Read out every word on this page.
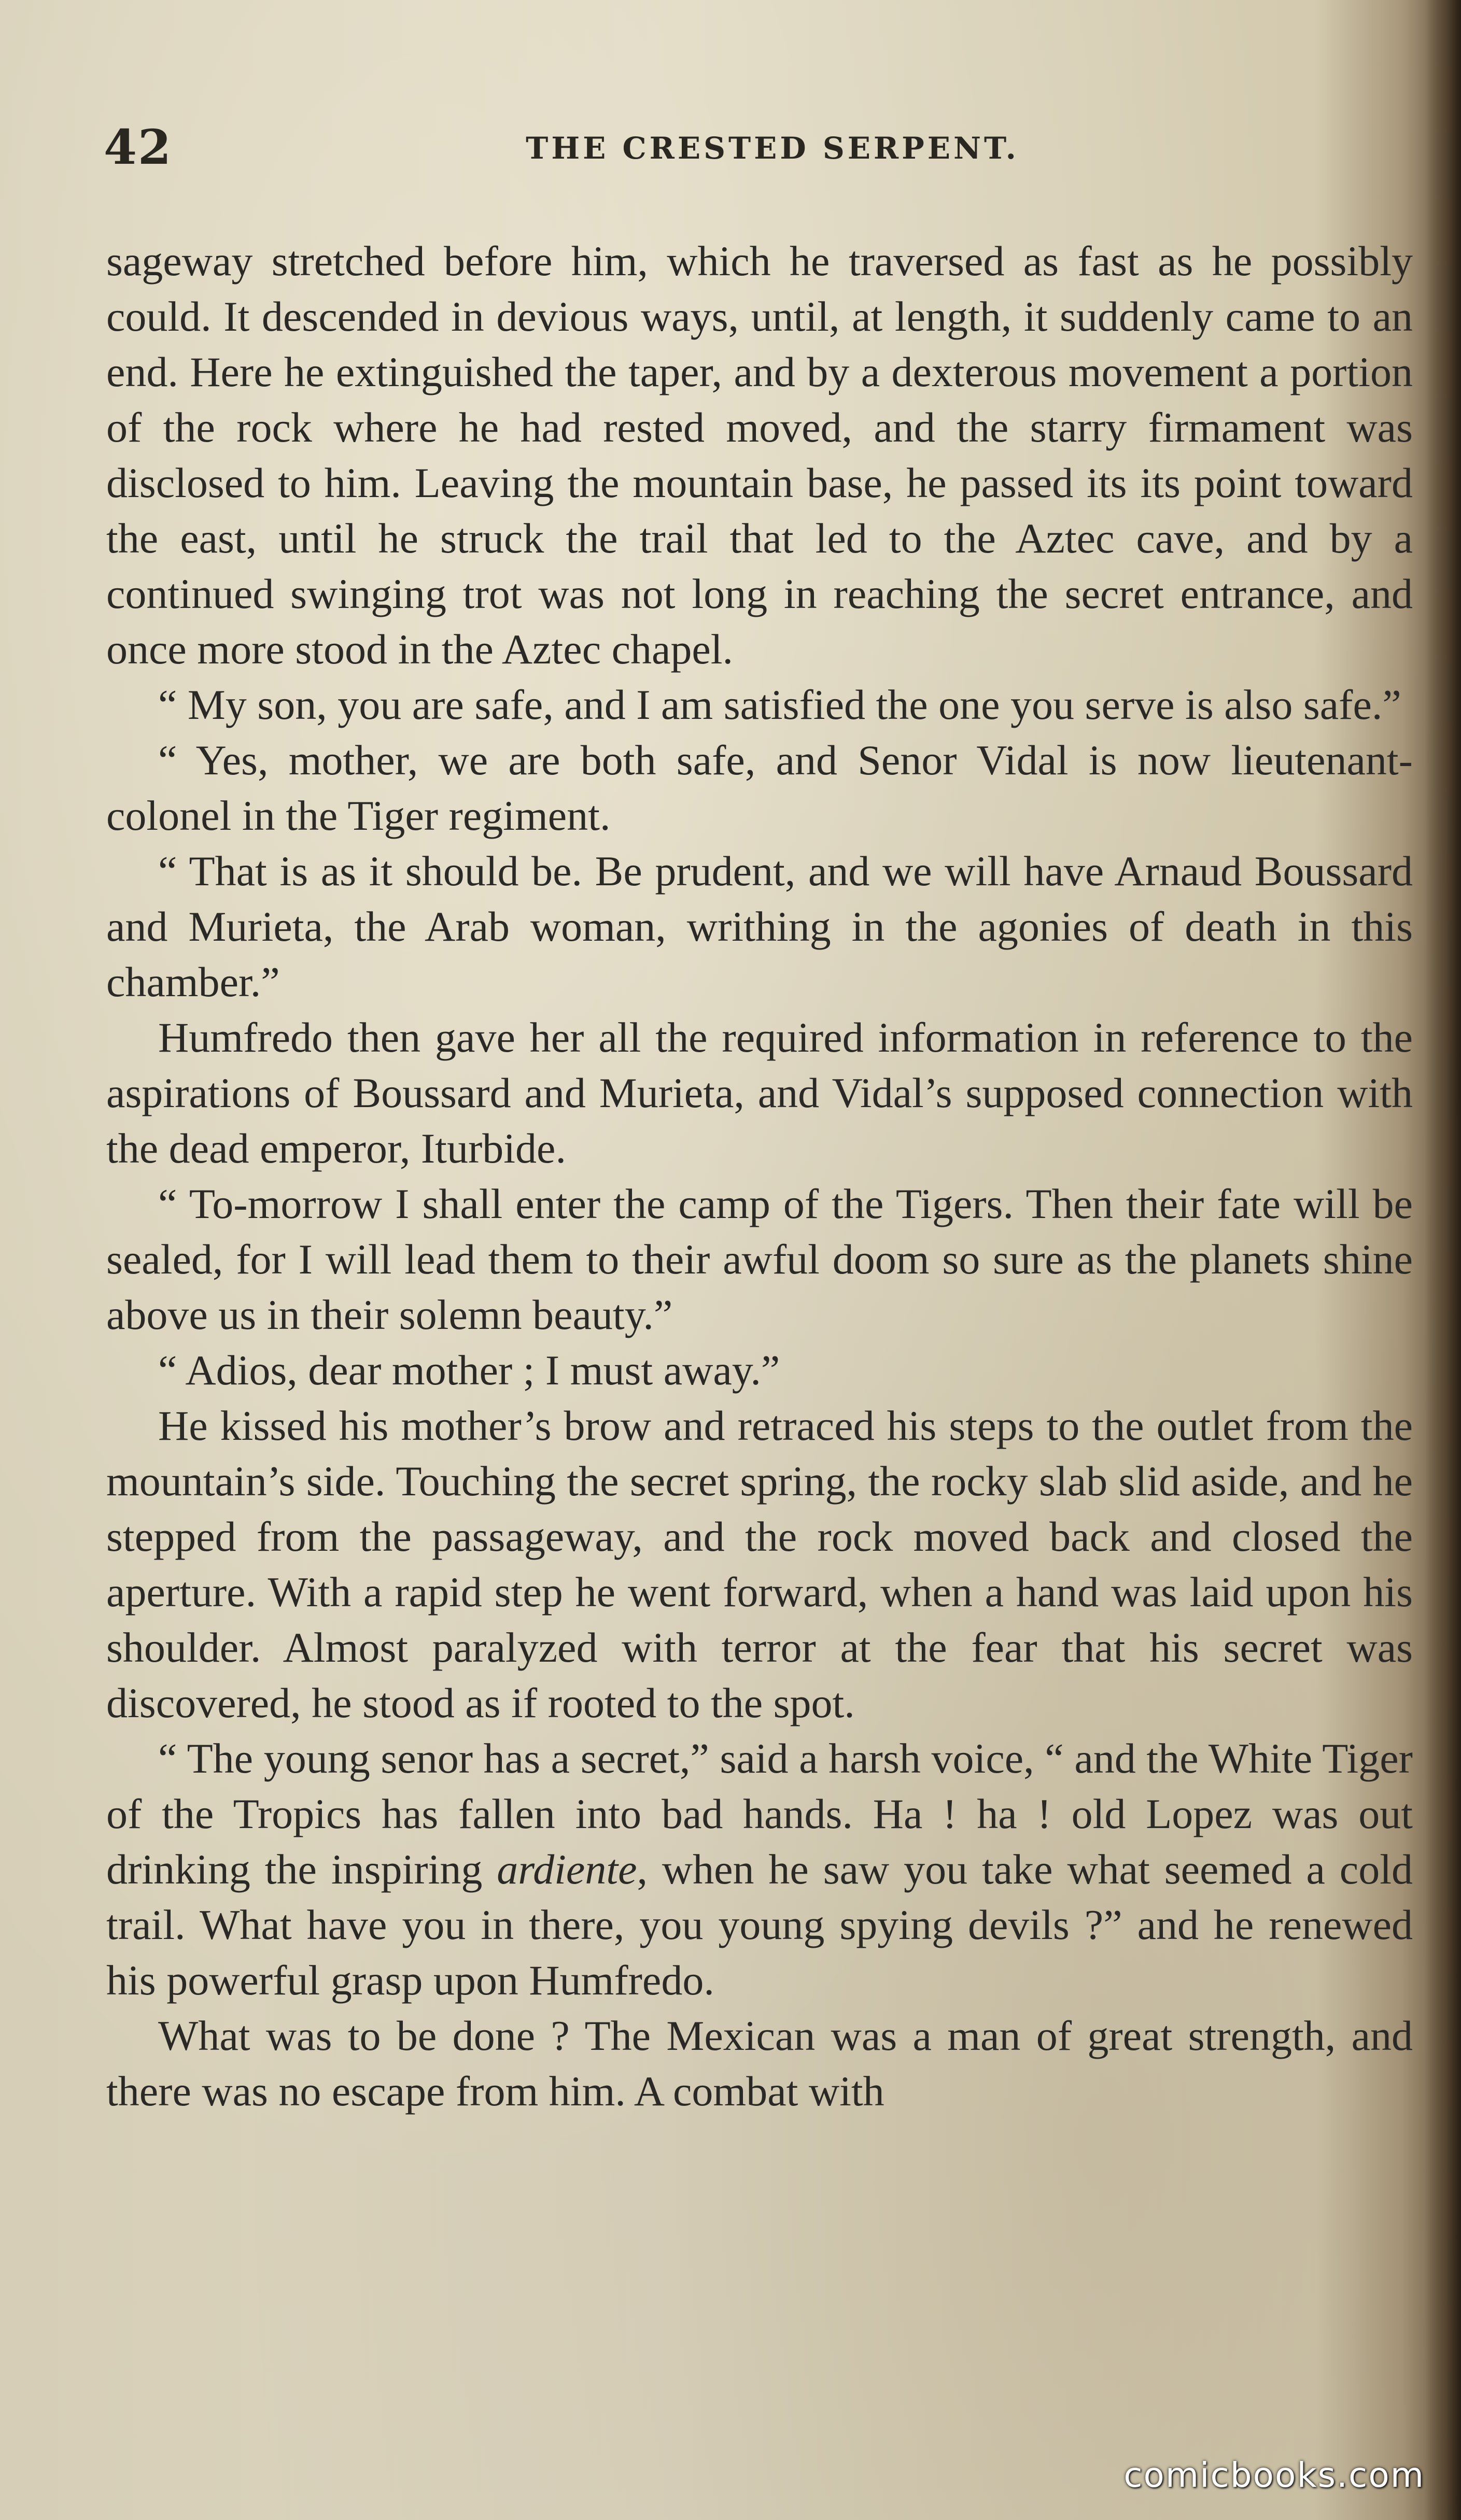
42	THE CRESTED SERPENT.

sageway stretched before him, which he traversed as fast as he possibly could. It descended in devious ways, until, at length, it suddenly came to an end. Here he extinguished the taper, and by a dexterous movement a portion of the rock where he had rested moved, and the starry firmament was disclosed to him. Leaving the mountain base, he passed its its point toward the east, until he struck the trail that led to the Aztec cave, and by a continued swinging trot was not long in reaching the secret entrance, and once more stood in the Aztec chapel.

“ My son, you are safe, and I am satisfied the one you serve is also safe.”

“ Yes, mother, we are both safe, and Senor Vidal is now lieutenant-colonel in the Tiger regiment.

“ That is as it should be. Be prudent, and we will have Arnaud Boussard and Murieta, the Arab woman, writhing in the agonies of death in this chamber.”

Humfredo then gave her all the required information in reference to the aspirations of Boussard and Murieta, and Vidal’s supposed connection with the dead emperor, Iturbide.

“ To-morrow I shall enter the camp of the Tigers. Then their fate will be sealed, for I will lead them to their awful doom so sure as the planets shine above us in their solemn beauty.”

“ Adios, dear mother ; I must away.”

He kissed his mother’s brow and retraced his steps to the outlet from the mountain’s side. Touching the secret spring, the rocky slab slid aside, and he stepped from the passageway, and the rock moved back and closed the aperture. With a rapid step he went forward, when a hand was laid upon his shoulder. Almost paralyzed with terror at the fear that his secret was discovered, he stood as if rooted to the spot.

“ The young senor has a secret,” said a harsh voice, “ and the White Tiger of the Tropics has fallen into bad hands. Ha ! ha ! old Lopez was out drinking the inspiring ardiente, when he saw you take what seemed a cold trail. What have you in there, you young spying devils ?” and he renewed his powerful grasp upon Humfredo.

What was to be done ? The Mexican was a man of great strength, and there was no escape from him. A combat with

comicbooks.com
